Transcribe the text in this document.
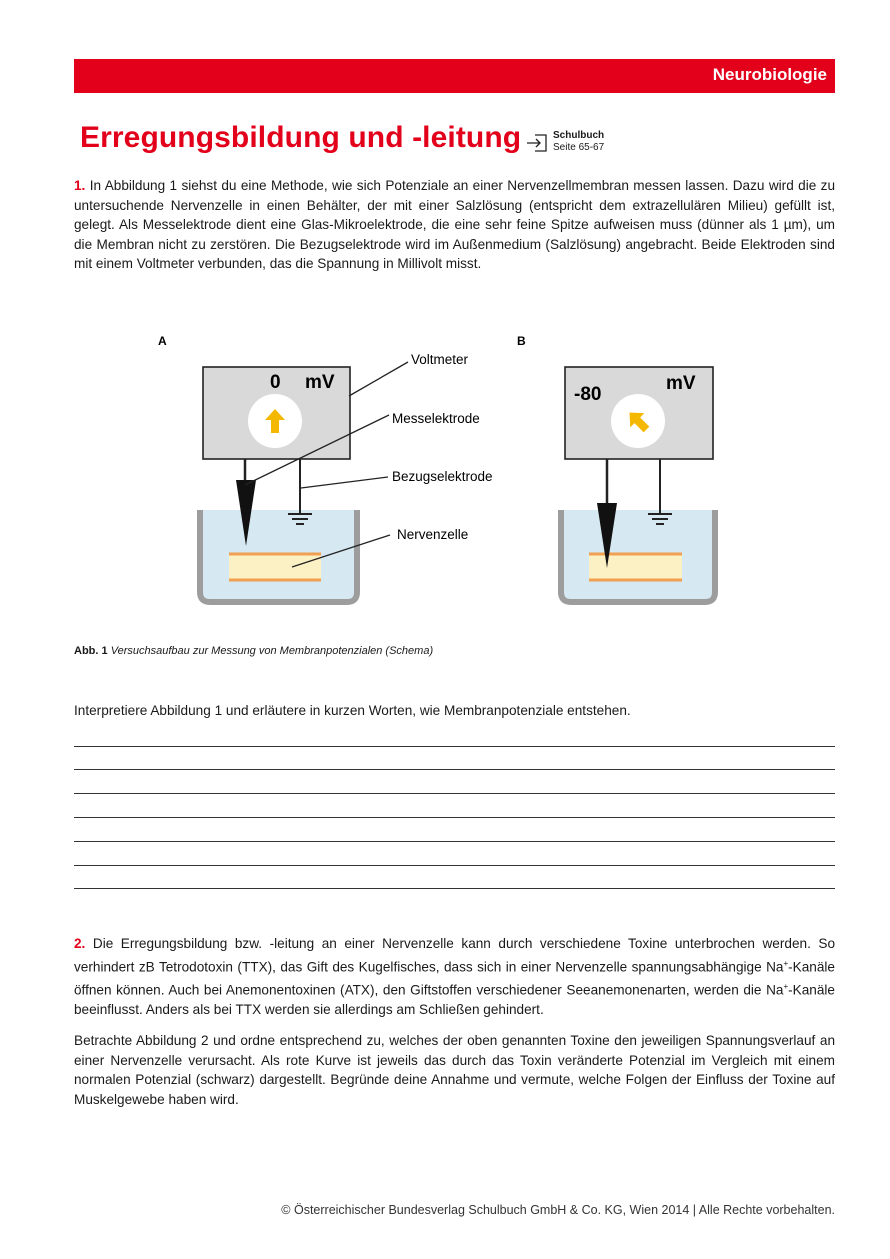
Neurobiologie
Erregungsbildung und -leitung	Schulbuch
Seite 65-67
1. In Abbildung 1 siehst du eine Methode, wie sich Potenziale an einer Nervenzellmembran messen lassen. Dazu wird die zu untersuchende Nervenzelle in einen Behälter, der mit einer Salzlösung (entspricht dem extrazellulären Milieu) gefüllt ist, gelegt. Als Messelektrode dient eine Glas-Mikroelektrode, die eine sehr feine Spitze aufweisen muss (dünner als 1 µm), um die Membran nicht zu zerstören. Die Bezugselektrode wird im Außenmedium (Salzlösung) angebracht. Beide Elektroden sind mit einem Voltmeter verbunden, das die Spannung in Millivolt misst.
A
0 mV
Voltmeter
Messelektrode
Bezugselektrode
Nervenzelle
B
-80
mV
Abb. 1 Versuchsaufbau zur Messung von Membranpotenzialen (Schema)
Interpretiere Abbildung 1 und erläutere in kurzen Worten, wie Membranpotenziale entstehen.
2. Die Erregungsbildung bzw. -leitung an einer Nervenzelle kann durch verschiedene Toxine unterbrochen werden. So verhindert zB Tetrodotoxin (TTX), das Gift des Kugelfisches, dass sich in einer Nervenzelle spannungsabhängige Na+-Kanäle öffnen können. Auch bei Anemonentoxinen (ATX), den Giftstoffen verschiedener Seeanemonenarten, werden die Na+-Kanäle beeinflusst. Anders als bei TTX werden sie allerdings am Schließen gehindert.
Betrachte Abbildung 2 und ordne entsprechend zu, welches der oben genannten Toxine den jeweiligen Spannungsverlauf an einer Nervenzelle verursacht. Als rote Kurve ist jeweils das durch das Toxin veränderte Potenzial im Vergleich mit einem normalen Potenzial (schwarz) dargestellt. Begründe deine Annahme und vermute, welche Folgen der Einfluss der Toxine auf Muskelgewebe haben wird.
© Österreichischer Bundesverlag Schulbuch GmbH & Co. KG, Wien 2014 | Alle Rechte vorbehalten.
